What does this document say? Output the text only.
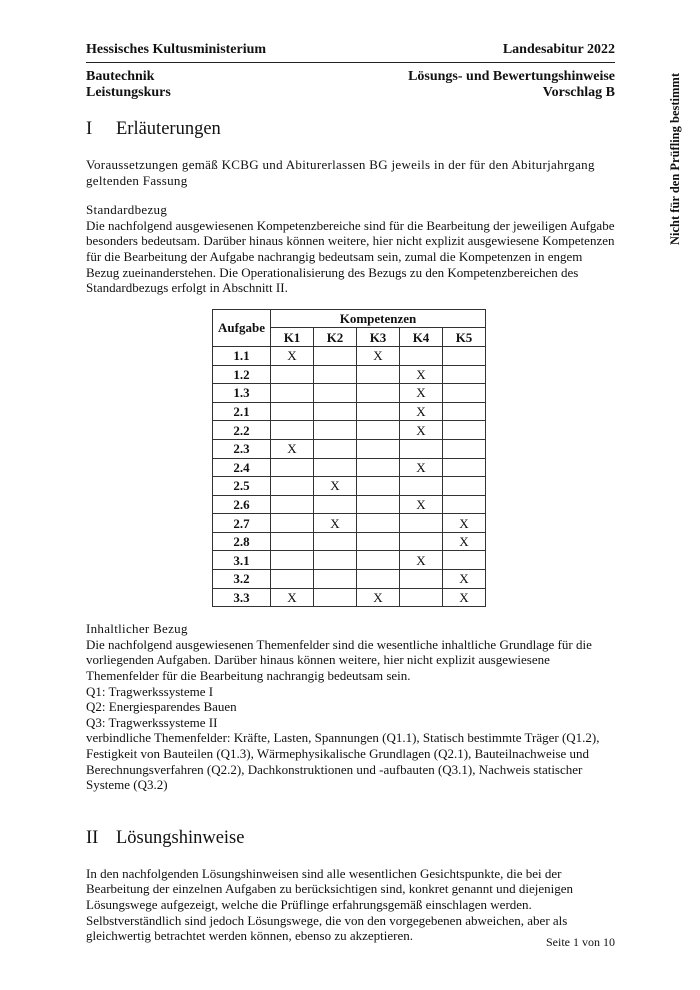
Hessisches Kultusministerium	Landesabitur 2022
Bautechnik	Lösungs- und Bewertungshinweise
Leistungskurs	Vorschlag B	Nicht für den Prüfling bestimmt
I Erläuterungen

Voraussetzungen gemäß KCBG und Abiturerlassen BG jeweils in der für den Abiturjahrgang geltenden Fassung

Standardbezug

Die nachfolgend ausgewiesenen Kompetenzbereiche sind für die Bearbeitung der jeweiligen Aufgabe besonders bedeutsam. Darüber hinaus können weitere, hier nicht explizit ausgewiesene Kompetenzen für die Bearbeitung der Aufgabe nachrangig bedeutsam sein, zumal die Kompetenzen in engem Bezug zueinanderstehen. Die Operationalisierung des Bezugs zu den Kompetenzbereichen des Standardbezugs erfolgt in Abschnitt II.

Aufgabe	Kompetenzen				
	K1	K2	K3	K4	K5
1.1	X		X		
1.2				X	
1.3				X	
2.1				X	
2.2				X	
2.3	X				
2.4				X	
2.5		X			
2.6				X	
2.7		X			X
2.8					X
3.1				X	
3.2					X
3.3	X		X		X

Inhaltlicher Bezug

Die nachfolgend ausgewiesenen Themenfelder sind die wesentliche inhaltliche Grundlage für die vorliegenden Aufgaben. Darüber hinaus können weitere, hier nicht explizit ausgewiesene Themenfelder für die Bearbeitung nachrangig bedeutsam sein.

Q1: Tragwerkssysteme I

Q2: Energiesparendes Bauen

Q3: Tragwerkssysteme II

verbindliche Themenfelder: Kräfte, Lasten, Spannungen (Q1.1), Statisch bestimmte Träger (Q1.2), Festigkeit von Bauteilen (Q1.3), Wärmephysikalische Grundlagen (Q2.1), Bauteilnachweise und Berechnungsverfahren (Q2.2), Dachkonstruktionen und -aufbauten (Q3.1), Nachweis statischer Systeme (Q3.2)

II Lösungshinweise

In den nachfolgenden Lösungshinweisen sind alle wesentlichen Gesichtspunkte, die bei der Bearbeitung der einzelnen Aufgaben zu berücksichtigen sind, konkret genannt und diejenigen Lösungswege aufgezeigt, welche die Prüflinge erfahrungsgemäß einschlagen werden. Selbstverständlich sind jedoch Lösungswege, die von den vorgegebenen abweichen, aber als gleichwertig betrachtet werden können, ebenso zu akzeptieren.	Seite 1 von 10
